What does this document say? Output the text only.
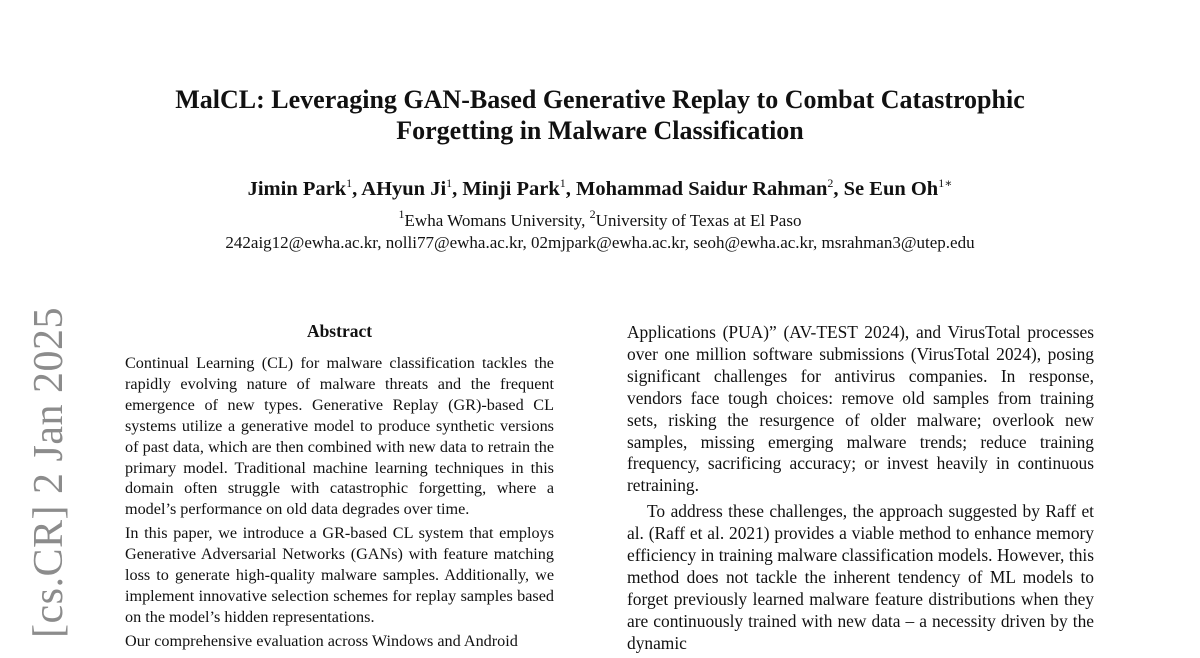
MalCL: Leveraging GAN-Based Generative Replay to Combat Catastrophic
Forgetting in Malware Classification
Jimin Park$^1$, AHyun Ji$^1$, Minji Park$^1$, Mohammad Saidur Rahman$^2$, Se Eun $Oh^{1∗}$
$^1$Ewha Womans University, $^2$University of Texas at El Paso
242aig12@ewha.ac.kr, nolli77@ewha.ac.kr, 02mjpark@ewha.ac.kr, seoh@ewha.ac.kr, msrahman3@utep.edu
[cs.CR] 2 Jan 2025	Abstract

Continual Learning (CL) for malware classification tackles the rapidly evolving nature of malware threats and the frequent emergence of new types. Generative Replay (GR)-based CL systems utilize a generative model to produce synthetic versions of past data, which are then combined with new data to retrain the primary model. Traditional machine learning techniques in this domain often struggle with catastrophic forgetting, where a model’s performance on old data degrades over time.

In this paper, we introduce a GR-based CL system that employs Generative Adversarial Networks (GANs) with feature matching loss to generate high-quality malware samples. Additionally, we implement innovative selection schemes for replay samples based on the model’s hidden representations.

Our comprehensive evaluation across Windows and Android

Applications (PUA)” (AV-TEST 2024), and VirusTotal processes over one million software submissions (VirusTotal 2024), posing significant challenges for antivirus companies. In response, vendors face tough choices: remove old samples from training sets, risking the resurgence of older malware; overlook new samples, missing emerging malware trends; reduce training frequency, sacrificing accuracy; or invest heavily in continuous retraining.

To address these challenges, the approach suggested by Raff et al. (Raff et al. 2021) provides a viable method to enhance memory efficiency in training malware classification models. However, this method does not tackle the inherent tendency of ML models to forget previously learned malware feature distributions when they are continuously trained with new data – a necessity driven by the dynamic
